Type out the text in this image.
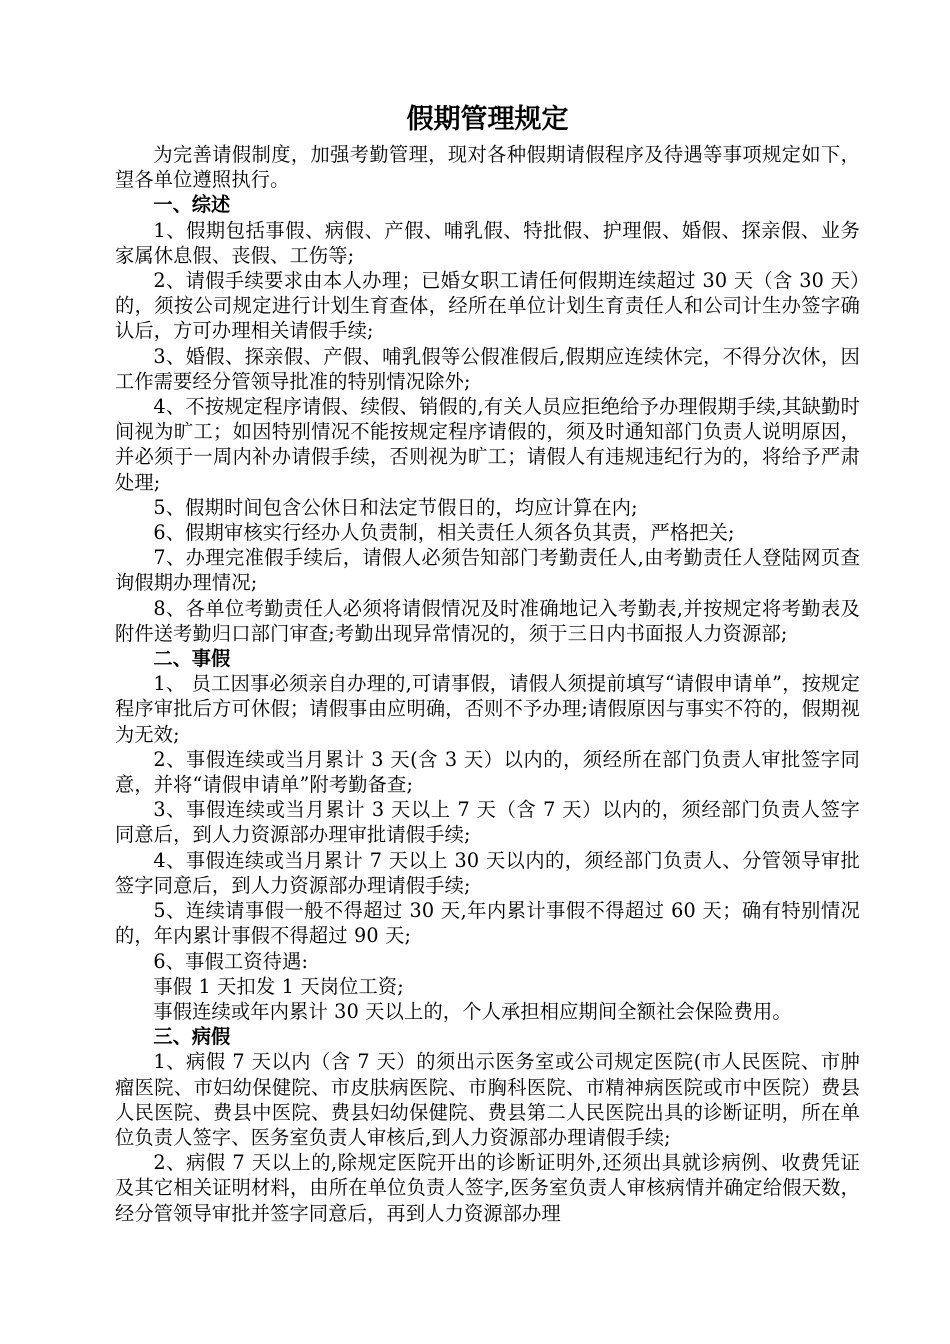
假期管理规定

为完善请假制度，加强考勤管理，现对各种假期请假程序及待遇等事项规定如下，望各单位遵照执行。

一、综述

1、假期包括事假、病假、产假、哺乳假、特批假、护理假、婚假、探亲假、业务家属休息假、丧假、工伤等;

2、请假手续要求由本人办理；已婚女职工请任何假期连续超过 30 天（含 30 天）的，须按公司规定进行计划生育查体，经所在单位计划生育责任人和公司计生办签字确认后，方可办理相关请假手续;

3、婚假、探亲假、产假、哺乳假等公假准假后,假期应连续休完，不得分次休，因工作需要经分管领导批准的特别情况除外;

4、不按规定程序请假、续假、销假的,有关人员应拒绝给予办理假期手续,其缺勤时间视为旷工；如因特别情况不能按规定程序请假的，须及时通知部门负责人说明原因，并必须于一周内补办请假手续，否则视为旷工；请假人有违规违纪行为的，将给予严肃处理;

5、假期时间包含公休日和法定节假日的，均应计算在内;

6、假期审核实行经办人负责制，相关责任人须各负其责，严格把关;

7、办理完准假手续后，请假人必须告知部门考勤责任人,由考勤责任人登陆网页查询假期办理情况;

8、各单位考勤责任人必须将请假情况及时准确地记入考勤表,并按规定将考勤表及附件送考勤归口部门审查;考勤出现异常情况的，须于三日内书面报人力资源部;

二、事假

1、 员工因事必须亲自办理的,可请事假，请假人须提前填写“请假申请单”，按规定程序审批后方可休假；请假事由应明确，否则不予办理;请假原因与事实不符的，假期视为无效;

2、事假连续或当月累计 3 天(含 3 天）以内的，须经所在部门负责人审批签字同意，并将“请假申请单”附考勤备查;

3、事假连续或当月累计 3 天以上 7 天（含 7 天）以内的，须经部门负责人签字同意后，到人力资源部办理审批请假手续;

4、事假连续或当月累计 7 天以上 30 天以内的，须经部门负责人、分管领导审批签字同意后，到人力资源部办理请假手续;

5、连续请事假一般不得超过 30 天,年内累计事假不得超过 60 天；确有特别情况的，年内累计事假不得超过 90 天;

6、事假工资待遇:

事假 1 天扣发 1 天岗位工资;

事假连续或年内累计 30 天以上的，个人承担相应期间全额社会保险费用。

三、病假

1、病假 7 天以内（含 7 天）的须出示医务室或公司规定医院(市人民医院、市肿瘤医院、市妇幼保健院、市皮肤病医院、市胸科医院、市精神病医院或市中医院）费县人民医院、费县中医院、费县妇幼保健院、费县第二人民医院出具的诊断证明，所在单位负责人签字、医务室负责人审核后,到人力资源部办理请假手续;

2、病假 7 天以上的,除规定医院开出的诊断证明外,还须出具就诊病例、收费凭证及其它相关证明材料，由所在单位负责人签字,医务室负责人审核病情并确定给假天数，经分管领导审批并签字同意后，再到人力资源部办理
